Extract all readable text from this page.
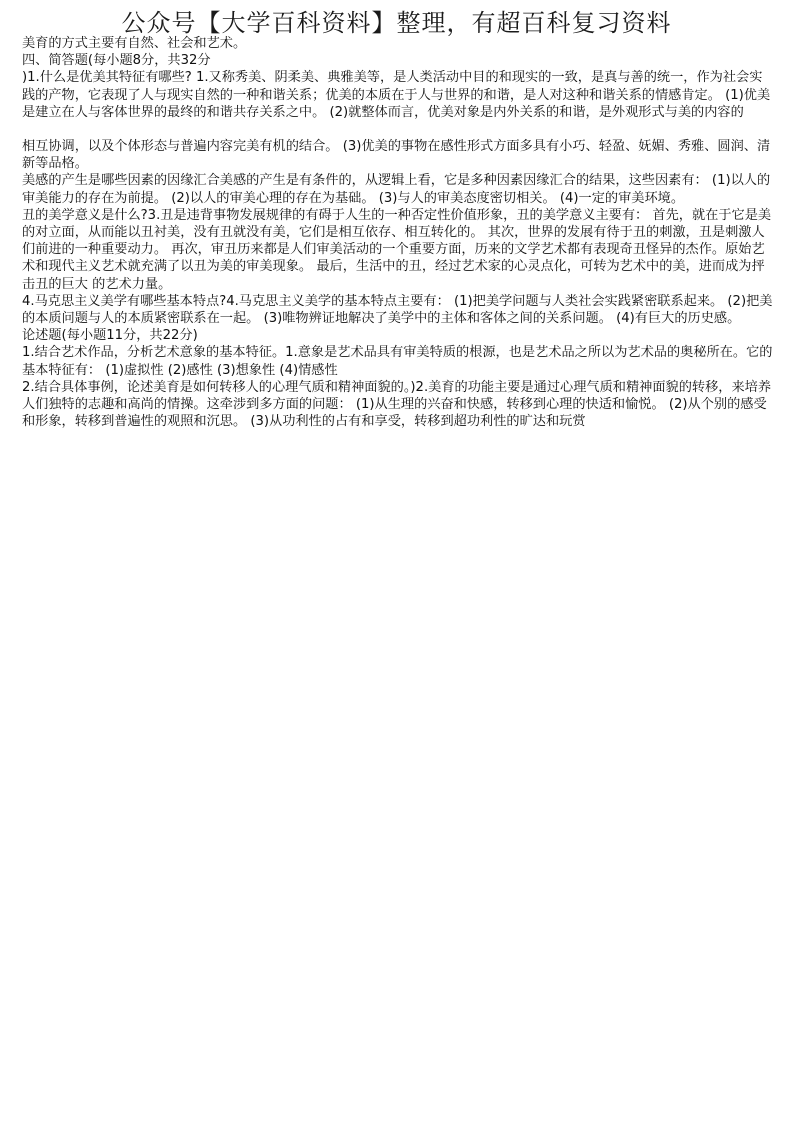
公众号【大学百科资料】整理，有超百科复习资料

美育的方式主要有自然、社会和艺术。

四、简答题(每小题8分，共32分

)1.什么是优美其特征有哪些? 1.又称秀美、阴柔美、典雅美等，是人类活动中目的和现实的一致，是真与善的统一，作为社会实践的产物，它表现了人与现实自然的一种和谐关系；优美的本质在于人与世界的和谐，是人对这种和谐关系的情感肯定。 (1)优美是建立在人与客体世界的最终的和谐共存关系之中。 (2)就整体而言，优美对象是内外关系的和谐，是外观形式与美的内容的

相互协调，以及个体形态与普遍内容完美有机的结合。 (3)优美的事物在感性形式方面多具有小巧、轻盈、妩媚、秀雅、圆润、清新等品格。

美感的产生是哪些因素的因缘汇合美感的产生是有条件的，从逻辑上看，它是多种因素因缘汇合的结果，这些因素有： (1)以人的审美能力的存在为前提。 (2)以人的审美心理的存在为基础。 (3)与人的审美态度密切相关。 (4)一定的审美环境。

丑的美学意义是什么?3.丑是违背事物发展规律的有碍于人生的一种否定性价值形象，丑的美学意义主要有： 首先，就在于它是美的对立面，从而能以丑衬美，没有丑就没有美，它们是相互依存、相互转化的。 其次，世界的发展有待于丑的刺激，丑是刺激人们前进的一种重要动力。 再次，审丑历来都是人们审美活动的一个重要方面，历来的文学艺术都有表现奇丑怪异的杰作。原始艺术和现代主义艺术就充满了以丑为美的审美现象。 最后，生活中的丑，经过艺术家的心灵点化，可转为艺术中的美，进而成为抨击丑的巨大 的艺术力量。

4.马克思主义美学有哪些基本特点?4.马克思主义美学的基本特点主要有： (1)把美学问题与人类社会实践紧密联系起来。 (2)把美的本质问题与人的本质紧密联系在一起。 (3)唯物辨证地解决了美学中的主体和客体之间的关系问题。 (4)有巨大的历史感。

论述题(每小题11分，共22分)

1.结合艺术作品，分析艺术意象的基本特征。1.意象是艺术品具有审美特质的根源，也是艺术品之所以为艺术品的奥秘所在。它的基本特征有： (1)虚拟性 (2)感性 (3)想象性 (4)情感性

2.结合具体事例，论述美育是如何转移人的心理气质和精神面貌的。)2.美育的功能主要是通过心理气质和精神面貌的转移，来培养人们独特的志趣和高尚的情操。这牵涉到多方面的问题： (1)从生理的兴奋和快感，转移到心理的快适和愉悦。 (2)从个别的感受和形象，转移到普遍性的观照和沉思。 (3)从功利性的占有和享受，转移到超功利性的旷达和玩赏
